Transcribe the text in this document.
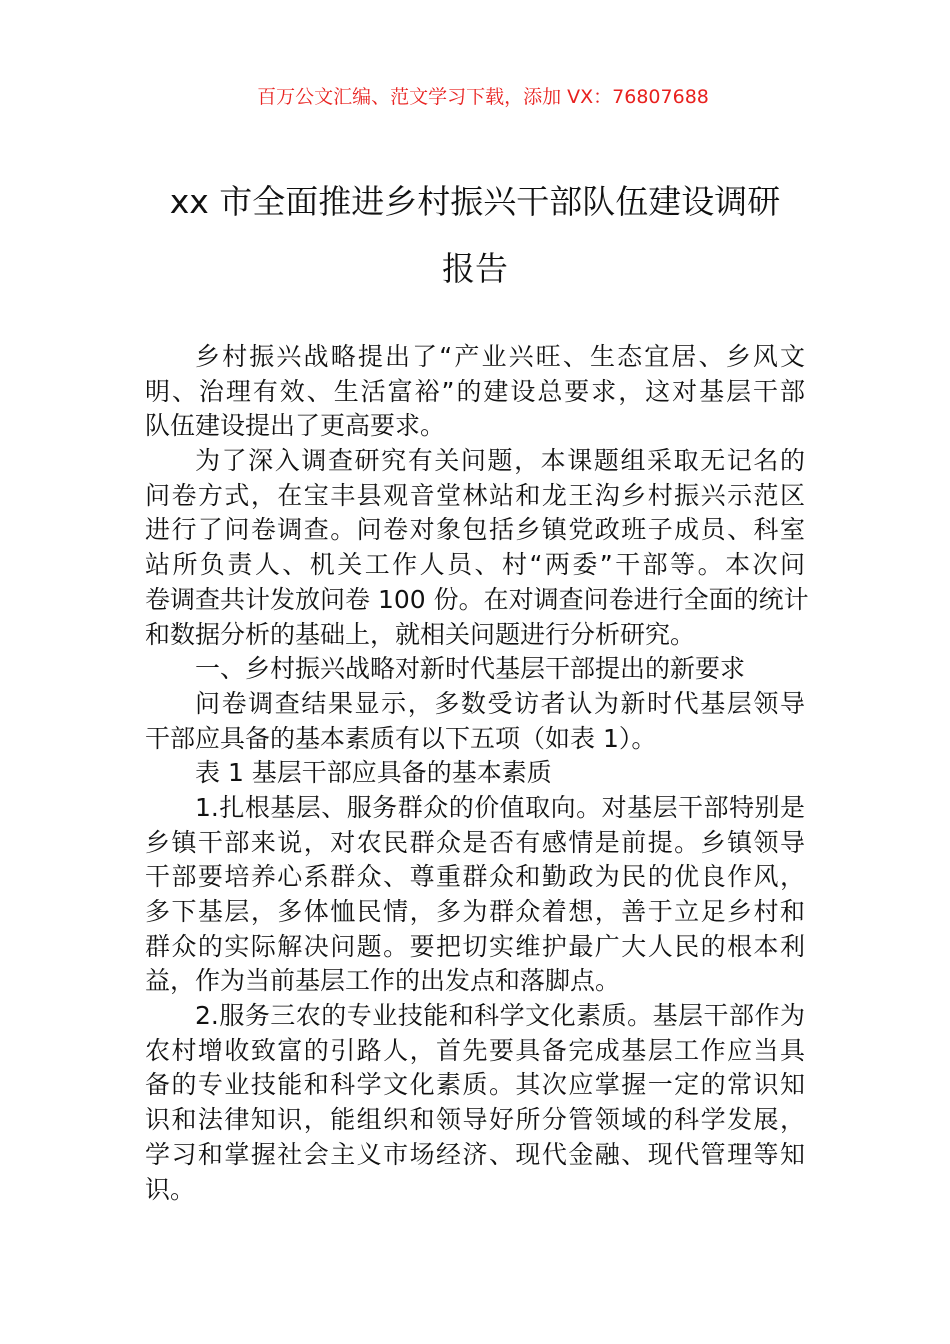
百万公文汇编、范文学习下载，添加 VX：76807688
xx 市全面推进乡村振兴干部队伍建设调研
报告
乡村振兴战略提出了“产业兴旺、生态宜居、乡风文
明、治理有效、生活富裕”的建设总要求，这对基层干部
队伍建设提出了更高要求。
为了深入调查研究有关问题，本课题组采取无记名的
问卷方式，在宝丰县观音堂林站和龙王沟乡村振兴示范区
进行了问卷调查。问卷对象包括乡镇党政班子成员、科室
站所负责人、机关工作人员、村“两委”干部等。本次问
卷调查共计发放问卷 100 份。在对调查问卷进行全面的统计
和数据分析的基础上，就相关问题进行分析研究。
一、乡村振兴战略对新时代基层干部提出的新要求
问卷调查结果显示，多数受访者认为新时代基层领导
干部应具备的基本素质有以下五项（如表 1）。
表 1 基层干部应具备的基本素质
1.扎根基层、服务群众的价值取向。对基层干部特别是
乡镇干部来说，对农民群众是否有感情是前提。乡镇领导
干部要培养心系群众、尊重群众和勤政为民的优良作风，
多下基层，多体恤民情，多为群众着想，善于立足乡村和
群众的实际解决问题。要把切实维护最广大人民的根本利
益，作为当前基层工作的出发点和落脚点。
2.服务三农的专业技能和科学文化素质。基层干部作为
农村增收致富的引路人，首先要具备完成基层工作应当具
备的专业技能和科学文化素质。其次应掌握一定的常识知
识和法律知识，能组织和领导好所分管领域的科学发展，
学习和掌握社会主义市场经济、现代金融、现代管理等知
识。
